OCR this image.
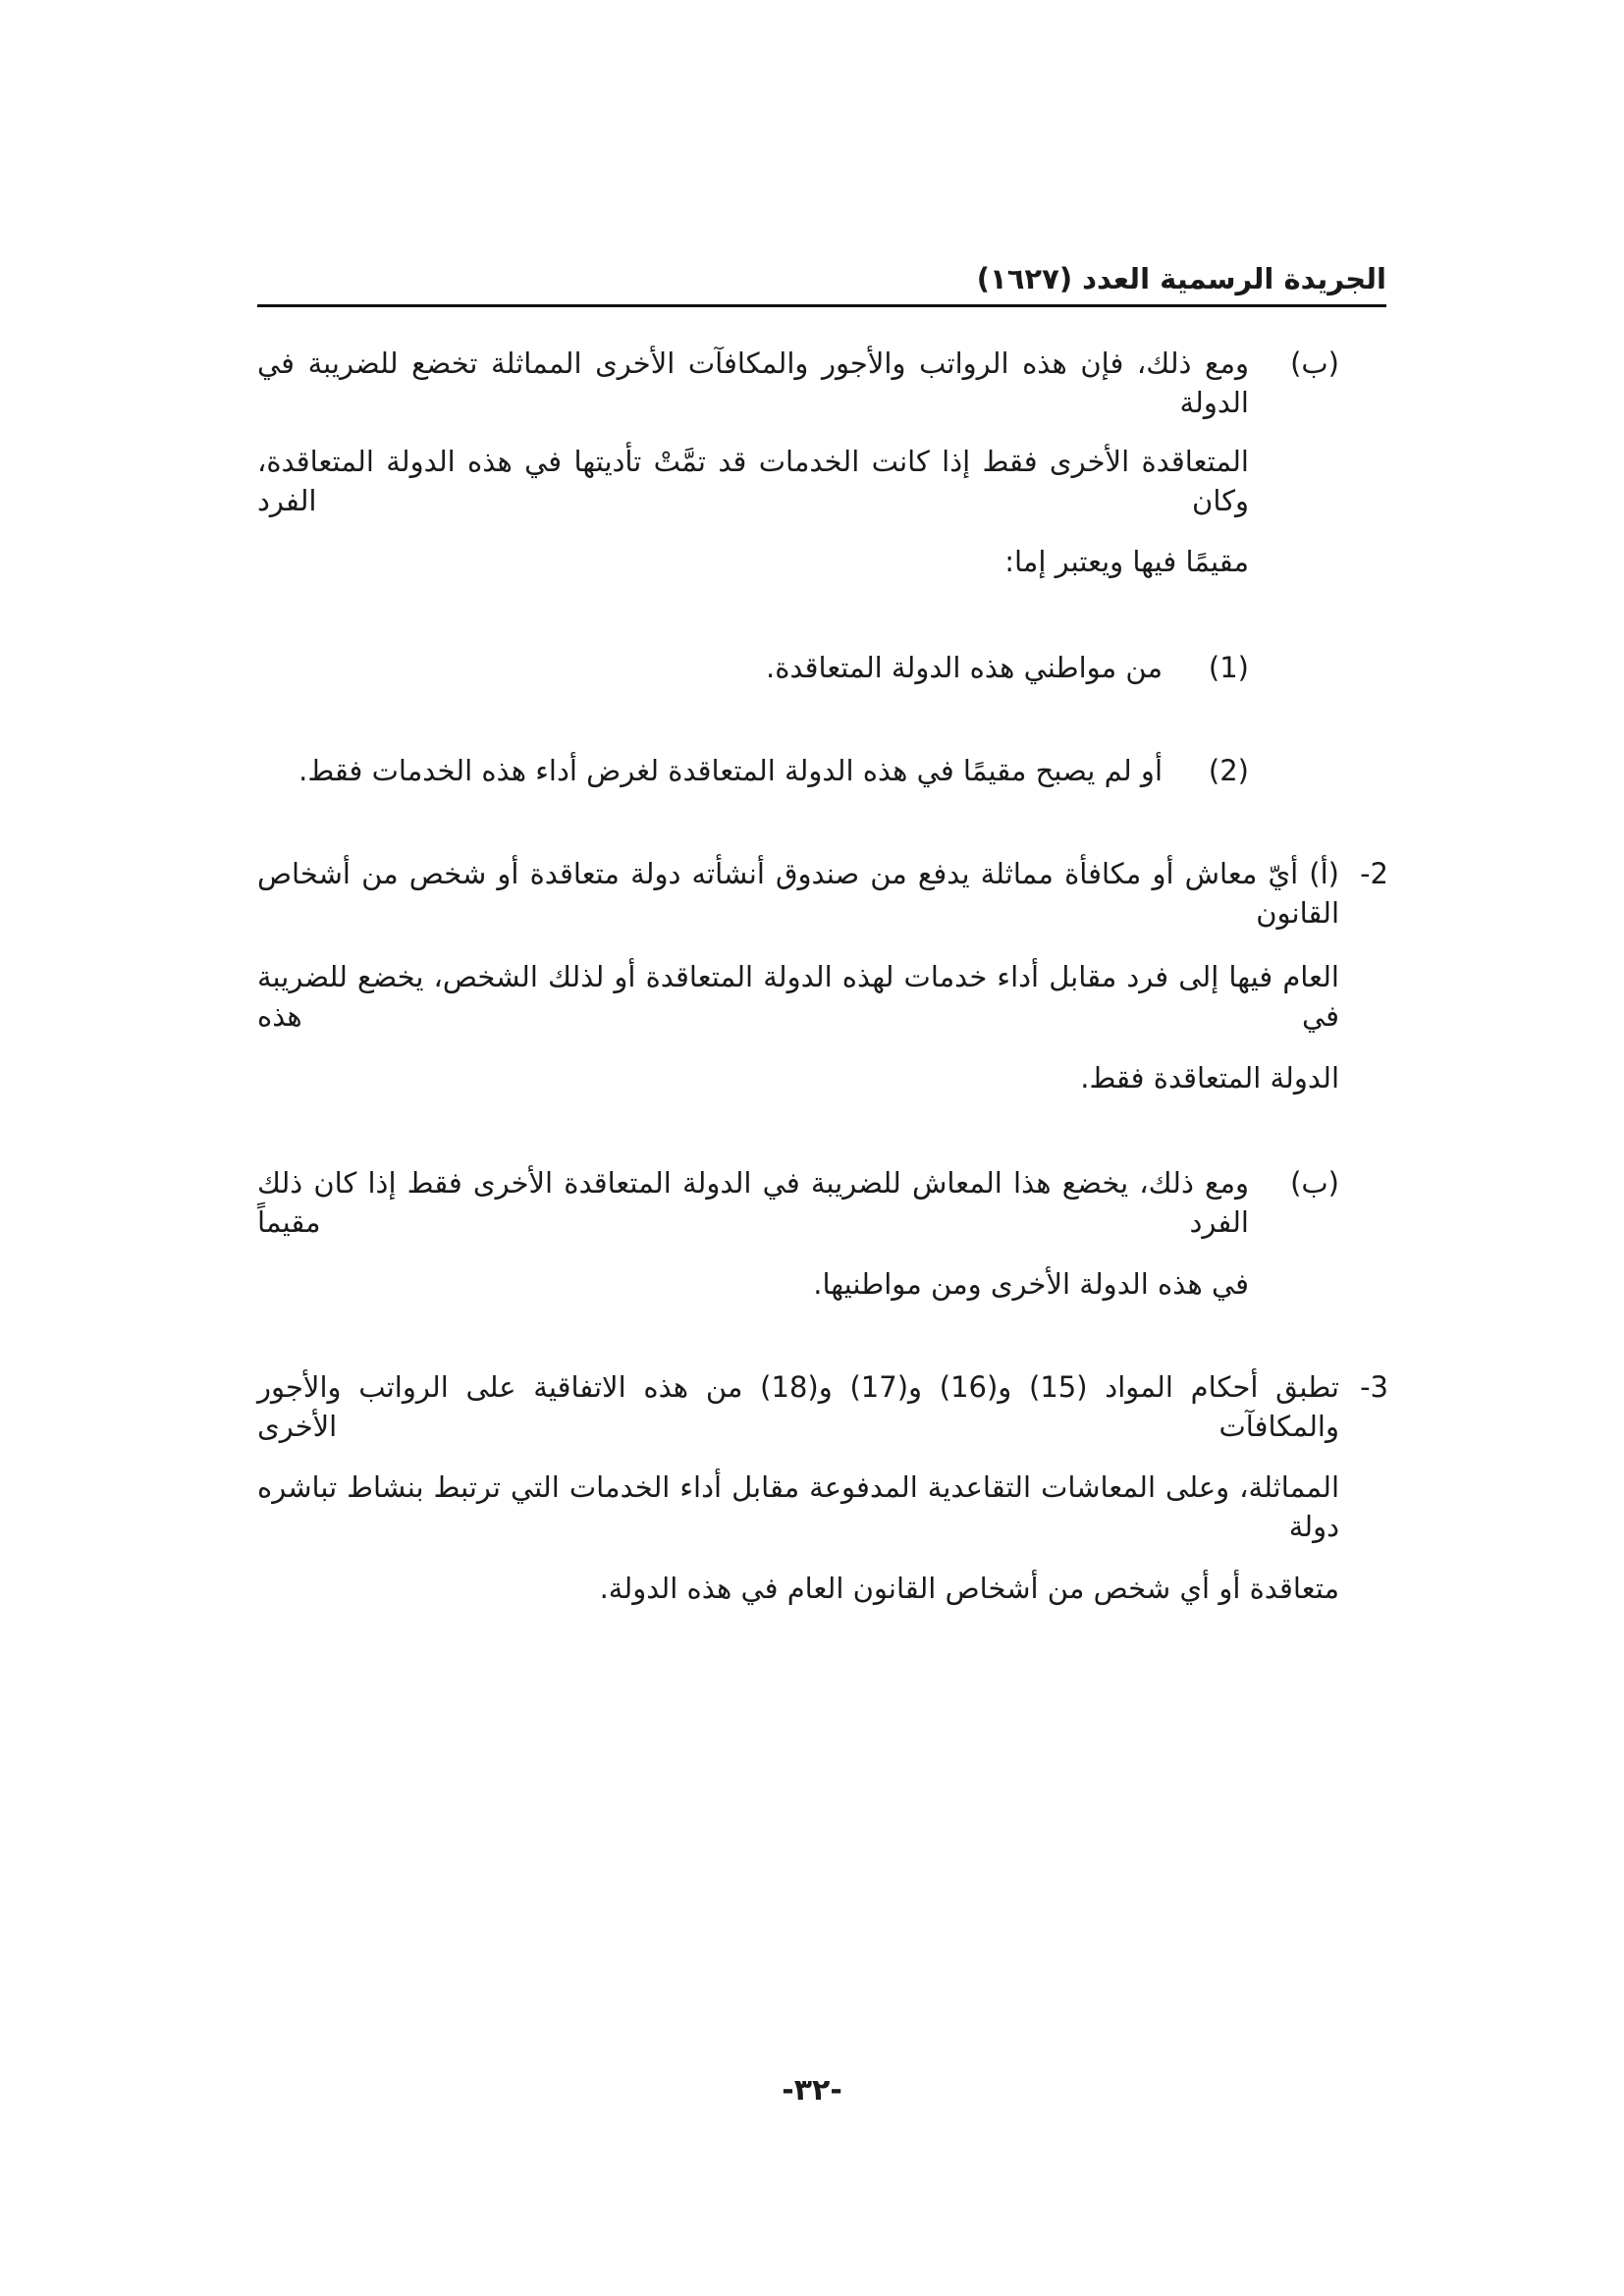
الجريدة الرسمية العدد (١٦٢٧)
(ب)
ومع ذلك، فإن هذه الرواتب والأجور والمكافآت الأخرى المماثلة تخضع للضريبة في الدولة
المتعاقدة الأخرى فقط إذا كانت الخدمات قد تمَّتْ تأديتها في هذه الدولة المتعاقدة، وكان الفرد
مقيمًا فيها ويعتبر إما:
(1)
من مواطني هذه الدولة المتعاقدة.
(2)
أو لم يصبح مقيمًا في هذه الدولة المتعاقدة لغرض أداء هذه الخدمات فقط.
-2
(أ) أيّ معاش أو مكافأة مماثلة يدفع من صندوق أنشأته دولة متعاقدة أو شخص من أشخاص القانون
العام فيها إلى فرد مقابل أداء خدمات لهذه الدولة المتعاقدة أو لذلك الشخص، يخضع للضريبة في هذه
الدولة المتعاقدة فقط.
(ب)
ومع ذلك، يخضع هذا المعاش للضريبة في الدولة المتعاقدة الأخرى فقط إذا كان ذلك الفرد مقيماً
في هذه الدولة الأخرى ومن مواطنيها.
-3
تطبق أحكام المواد (15) و(16) و(17) و(18) من هذه الاتفاقية على الرواتب والأجور والمكافآت الأخرى
المماثلة، وعلى المعاشات التقاعدية المدفوعة مقابل أداء الخدمات التي ترتبط بنشاط تباشره دولة
متعاقدة أو أي شخص من أشخاص القانون العام في هذه الدولة.
-٣٢-
